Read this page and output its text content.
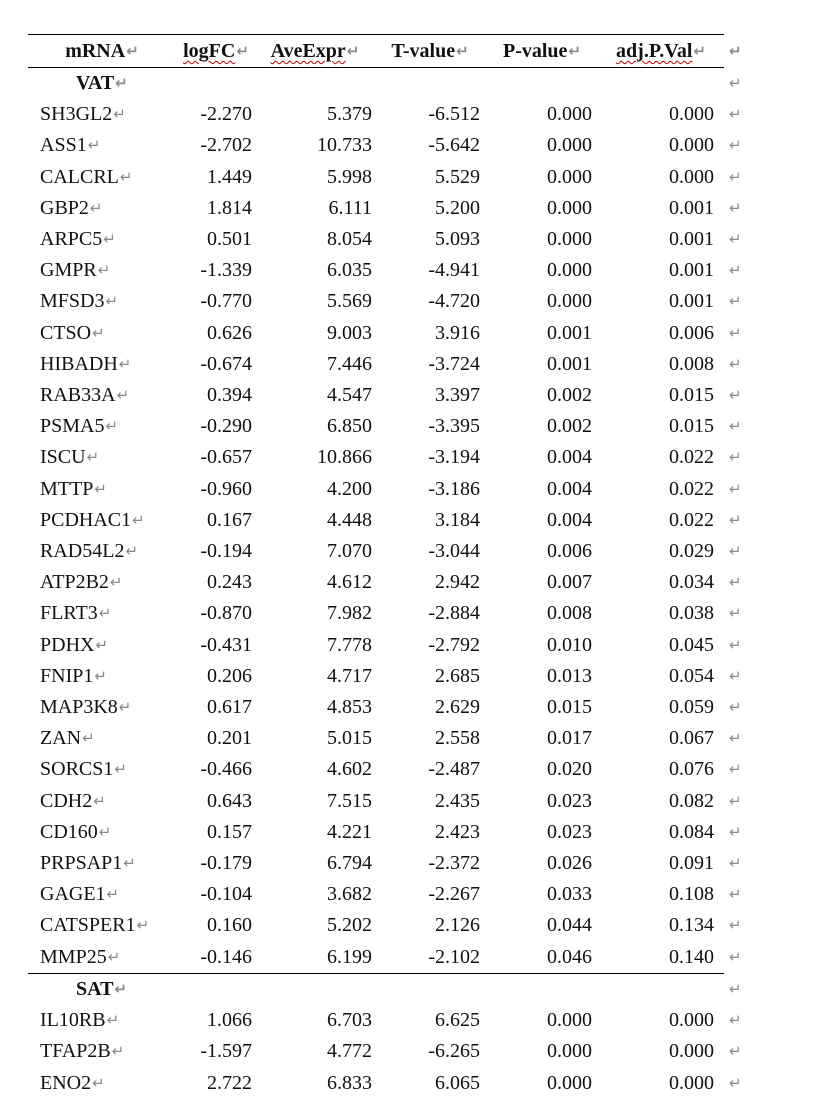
mRNA↵	logFC↵	AveExpr↵	T-value↵	P-value↵	adj.P.Val↵	↵
VAT↵						↵
SH3GL2↵	-2.270	5.379	-6.512	0.000	0.000	↵
ASS1↵	-2.702	10.733	-5.642	0.000	0.000	↵
CALCRL↵	1.449	5.998	5.529	0.000	0.000	↵
GBP2↵	1.814	6.111	5.200	0.000	0.001	↵
ARPC5↵	0.501	8.054	5.093	0.000	0.001	↵
GMPR↵	-1.339	6.035	-4.941	0.000	0.001	↵
MFSD3↵	-0.770	5.569	-4.720	0.000	0.001	↵
CTSO↵	0.626	9.003	3.916	0.001	0.006	↵
HIBADH↵	-0.674	7.446	-3.724	0.001	0.008	↵
RAB33A↵	0.394	4.547	3.397	0.002	0.015	↵
PSMA5↵	-0.290	6.850	-3.395	0.002	0.015	↵
ISCU↵	-0.657	10.866	-3.194	0.004	0.022	↵
MTTP↵	-0.960	4.200	-3.186	0.004	0.022	↵
PCDHAC1↵	0.167	4.448	3.184	0.004	0.022	↵
RAD54L2↵	-0.194	7.070	-3.044	0.006	0.029	↵
ATP2B2↵	0.243	4.612	2.942	0.007	0.034	↵
FLRT3↵	-0.870	7.982	-2.884	0.008	0.038	↵
PDHX↵	-0.431	7.778	-2.792	0.010	0.045	↵
FNIP1↵	0.206	4.717	2.685	0.013	0.054	↵
MAP3K8↵	0.617	4.853	2.629	0.015	0.059	↵
ZAN↵	0.201	5.015	2.558	0.017	0.067	↵
SORCS1↵	-0.466	4.602	-2.487	0.020	0.076	↵
CDH2↵	0.643	7.515	2.435	0.023	0.082	↵
CD160↵	0.157	4.221	2.423	0.023	0.084	↵
PRPSAP1↵	-0.179	6.794	-2.372	0.026	0.091	↵
GAGE1↵	-0.104	3.682	-2.267	0.033	0.108	↵
CATSPER1↵	0.160	5.202	2.126	0.044	0.134	↵
MMP25↵	-0.146	6.199	-2.102	0.046	0.140	↵
SAT↵						↵
IL10RB↵	1.066	6.703	6.625	0.000	0.000	↵
TFAP2B↵	-1.597	4.772	-6.265	0.000	0.000	↵
ENO2↵	2.722	6.833	6.065	0.000	0.000	↵
